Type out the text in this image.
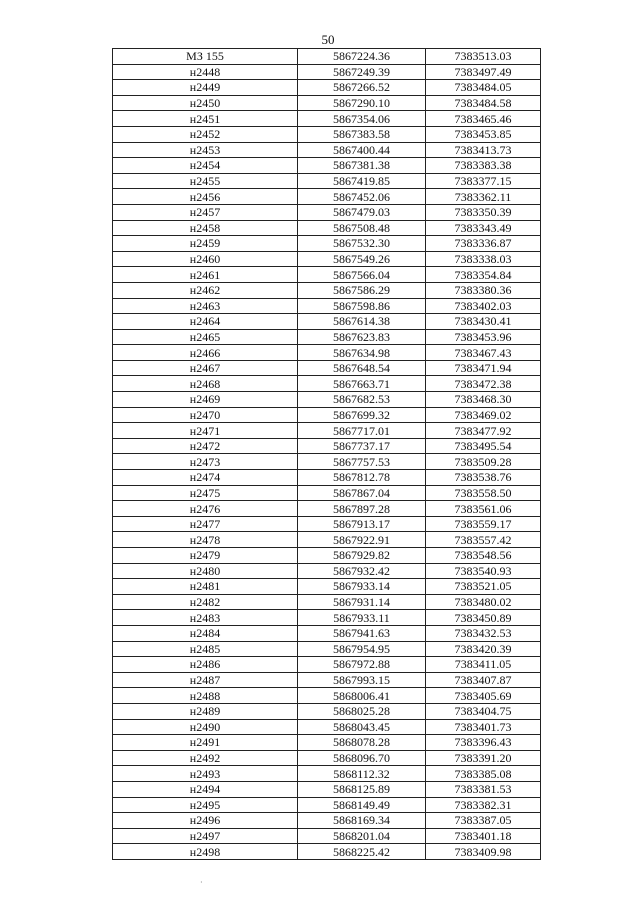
50
МЗ 155	5867224.36	7383513.03
н2448	5867249.39	7383497.49
н2449	5867266.52	7383484.05
н2450	5867290.10	7383484.58
н2451	5867354.06	7383465.46
н2452	5867383.58	7383453.85
н2453	5867400.44	7383413.73
н2454	5867381.38	7383383.38
н2455	5867419.85	7383377.15
н2456	5867452.06	7383362.11
н2457	5867479.03	7383350.39
н2458	5867508.48	7383343.49
н2459	5867532.30	7383336.87
н2460	5867549.26	7383338.03
н2461	5867566.04	7383354.84
н2462	5867586.29	7383380.36
н2463	5867598.86	7383402.03
н2464	5867614.38	7383430.41
н2465	5867623.83	7383453.96
н2466	5867634.98	7383467.43
н2467	5867648.54	7383471.94
н2468	5867663.71	7383472.38
н2469	5867682.53	7383468.30
н2470	5867699.32	7383469.02
н2471	5867717.01	7383477.92
н2472	5867737.17	7383495.54
н2473	5867757.53	7383509.28
н2474	5867812.78	7383538.76
н2475	5867867.04	7383558.50
н2476	5867897.28	7383561.06
н2477	5867913.17	7383559.17
н2478	5867922.91	7383557.42
н2479	5867929.82	7383548.56
н2480	5867932.42	7383540.93
н2481	5867933.14	7383521.05
н2482	5867931.14	7383480.02
н2483	5867933.11	7383450.89
н2484	5867941.63	7383432.53
н2485	5867954.95	7383420.39
н2486	5867972.88	7383411.05
н2487	5867993.15	7383407.87
н2488	5868006.41	7383405.69
н2489	5868025.28	7383404.75
н2490	5868043.45	7383401.73
н2491	5868078.28	7383396.43
н2492	5868096.70	7383391.20
н2493	5868112.32	7383385.08
н2494	5868125.89	7383381.53
н2495	5868149.49	7383382.31
н2496	5868169.34	7383387.05
н2497	5868201.04	7383401.18
н2498	5868225.42	7383409.98
·
